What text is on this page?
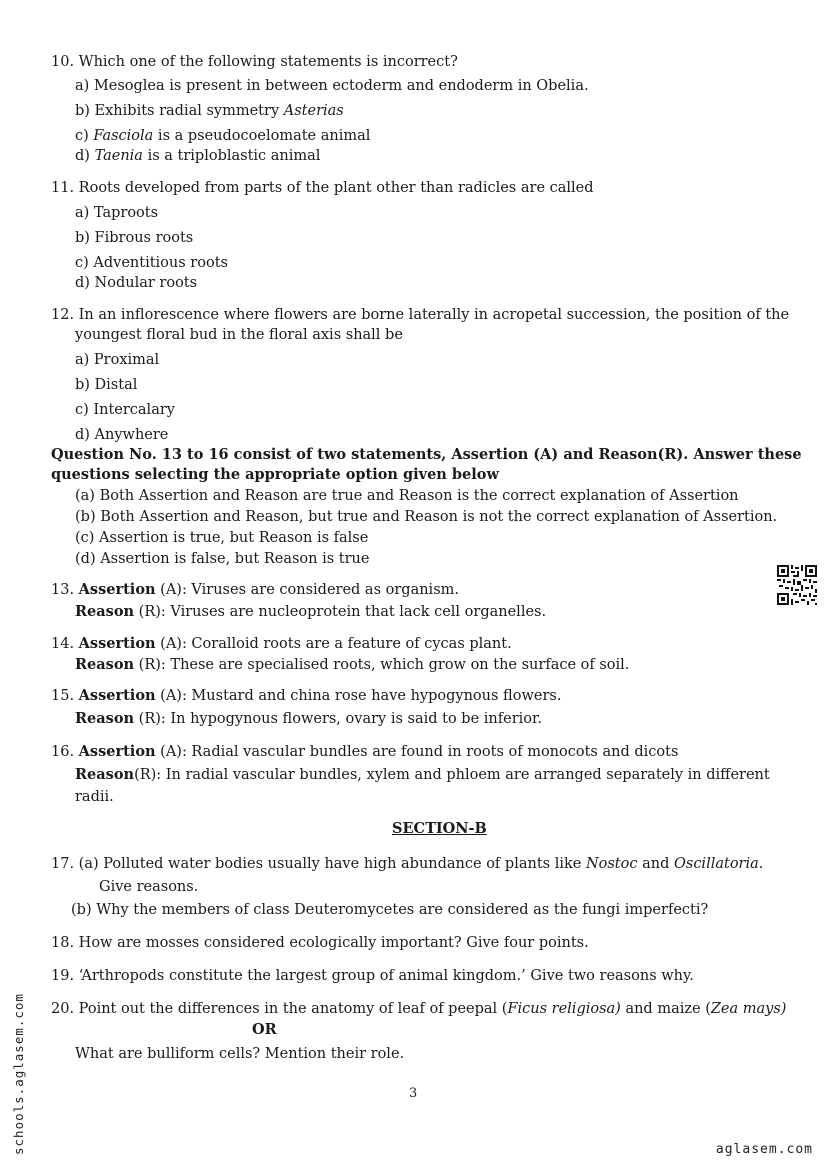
10. Which one of the following statements is incorrect?
a) Mesoglea is present in between ectoderm and endoderm in Obelia.
b) Exhibits radial symmetry Asterias
c) Fasciola is a pseudocoelomate animal
d) Taenia is a triploblastic animal
11. Roots developed from parts of the plant other than radicles are called
a) Taproots
b) Fibrous roots
c) Adventitious roots
d) Nodular roots
12. In an inflorescence where flowers are borne laterally in acropetal succession, the position of the
youngest floral bud in the floral axis shall be
a) Proximal
b) Distal
c) Intercalary
d) Anywhere
Question No. 13 to 16 consist of two statements, Assertion (A) and Reason(R). Answer these
questions selecting the appropriate option given below
(a) Both Assertion and Reason are true and Reason is the correct explanation of Assertion
(b) Both Assertion and Reason, but true and Reason is not the correct explanation of Assertion.
(c) Assertion is true, but Reason is false
(d) Assertion is false, but Reason is true
13. Assertion (A): Viruses are considered as organism.
Reason (R): Viruses are nucleoprotein that lack cell organelles.
14. Assertion (A): Coralloid roots are a feature of cycas plant.
Reason (R): These are specialised roots, which grow on the surface of soil.
15. Assertion (A): Mustard and china rose have hypogynous flowers.
Reason (R): In hypogynous flowers, ovary is said to be inferior.
16. Assertion (A): Radial vascular bundles are found in roots of monocots and dicots
Reason(R): In radial vascular bundles, xylem and phloem are arranged separately in different
radii.
SECTION-B
17. (a) Polluted water bodies usually have high abundance of plants like Nostoc and Oscillatoria.
Give reasons.
(b) Why the members of class Deuteromycetes are considered as the fungi imperfecti?
18. How are mosses considered ecologically important? Give four points.
19. ‘Arthropods constitute the largest group of animal kingdom.’ Give two reasons why.
20. Point out the differences in the anatomy of leaf of peepal (Ficus religiosa) and maize (Zea mays)
OR
What are bulliform cells? Mention their role.
3
schools.aglasem.com	aglasem.com
